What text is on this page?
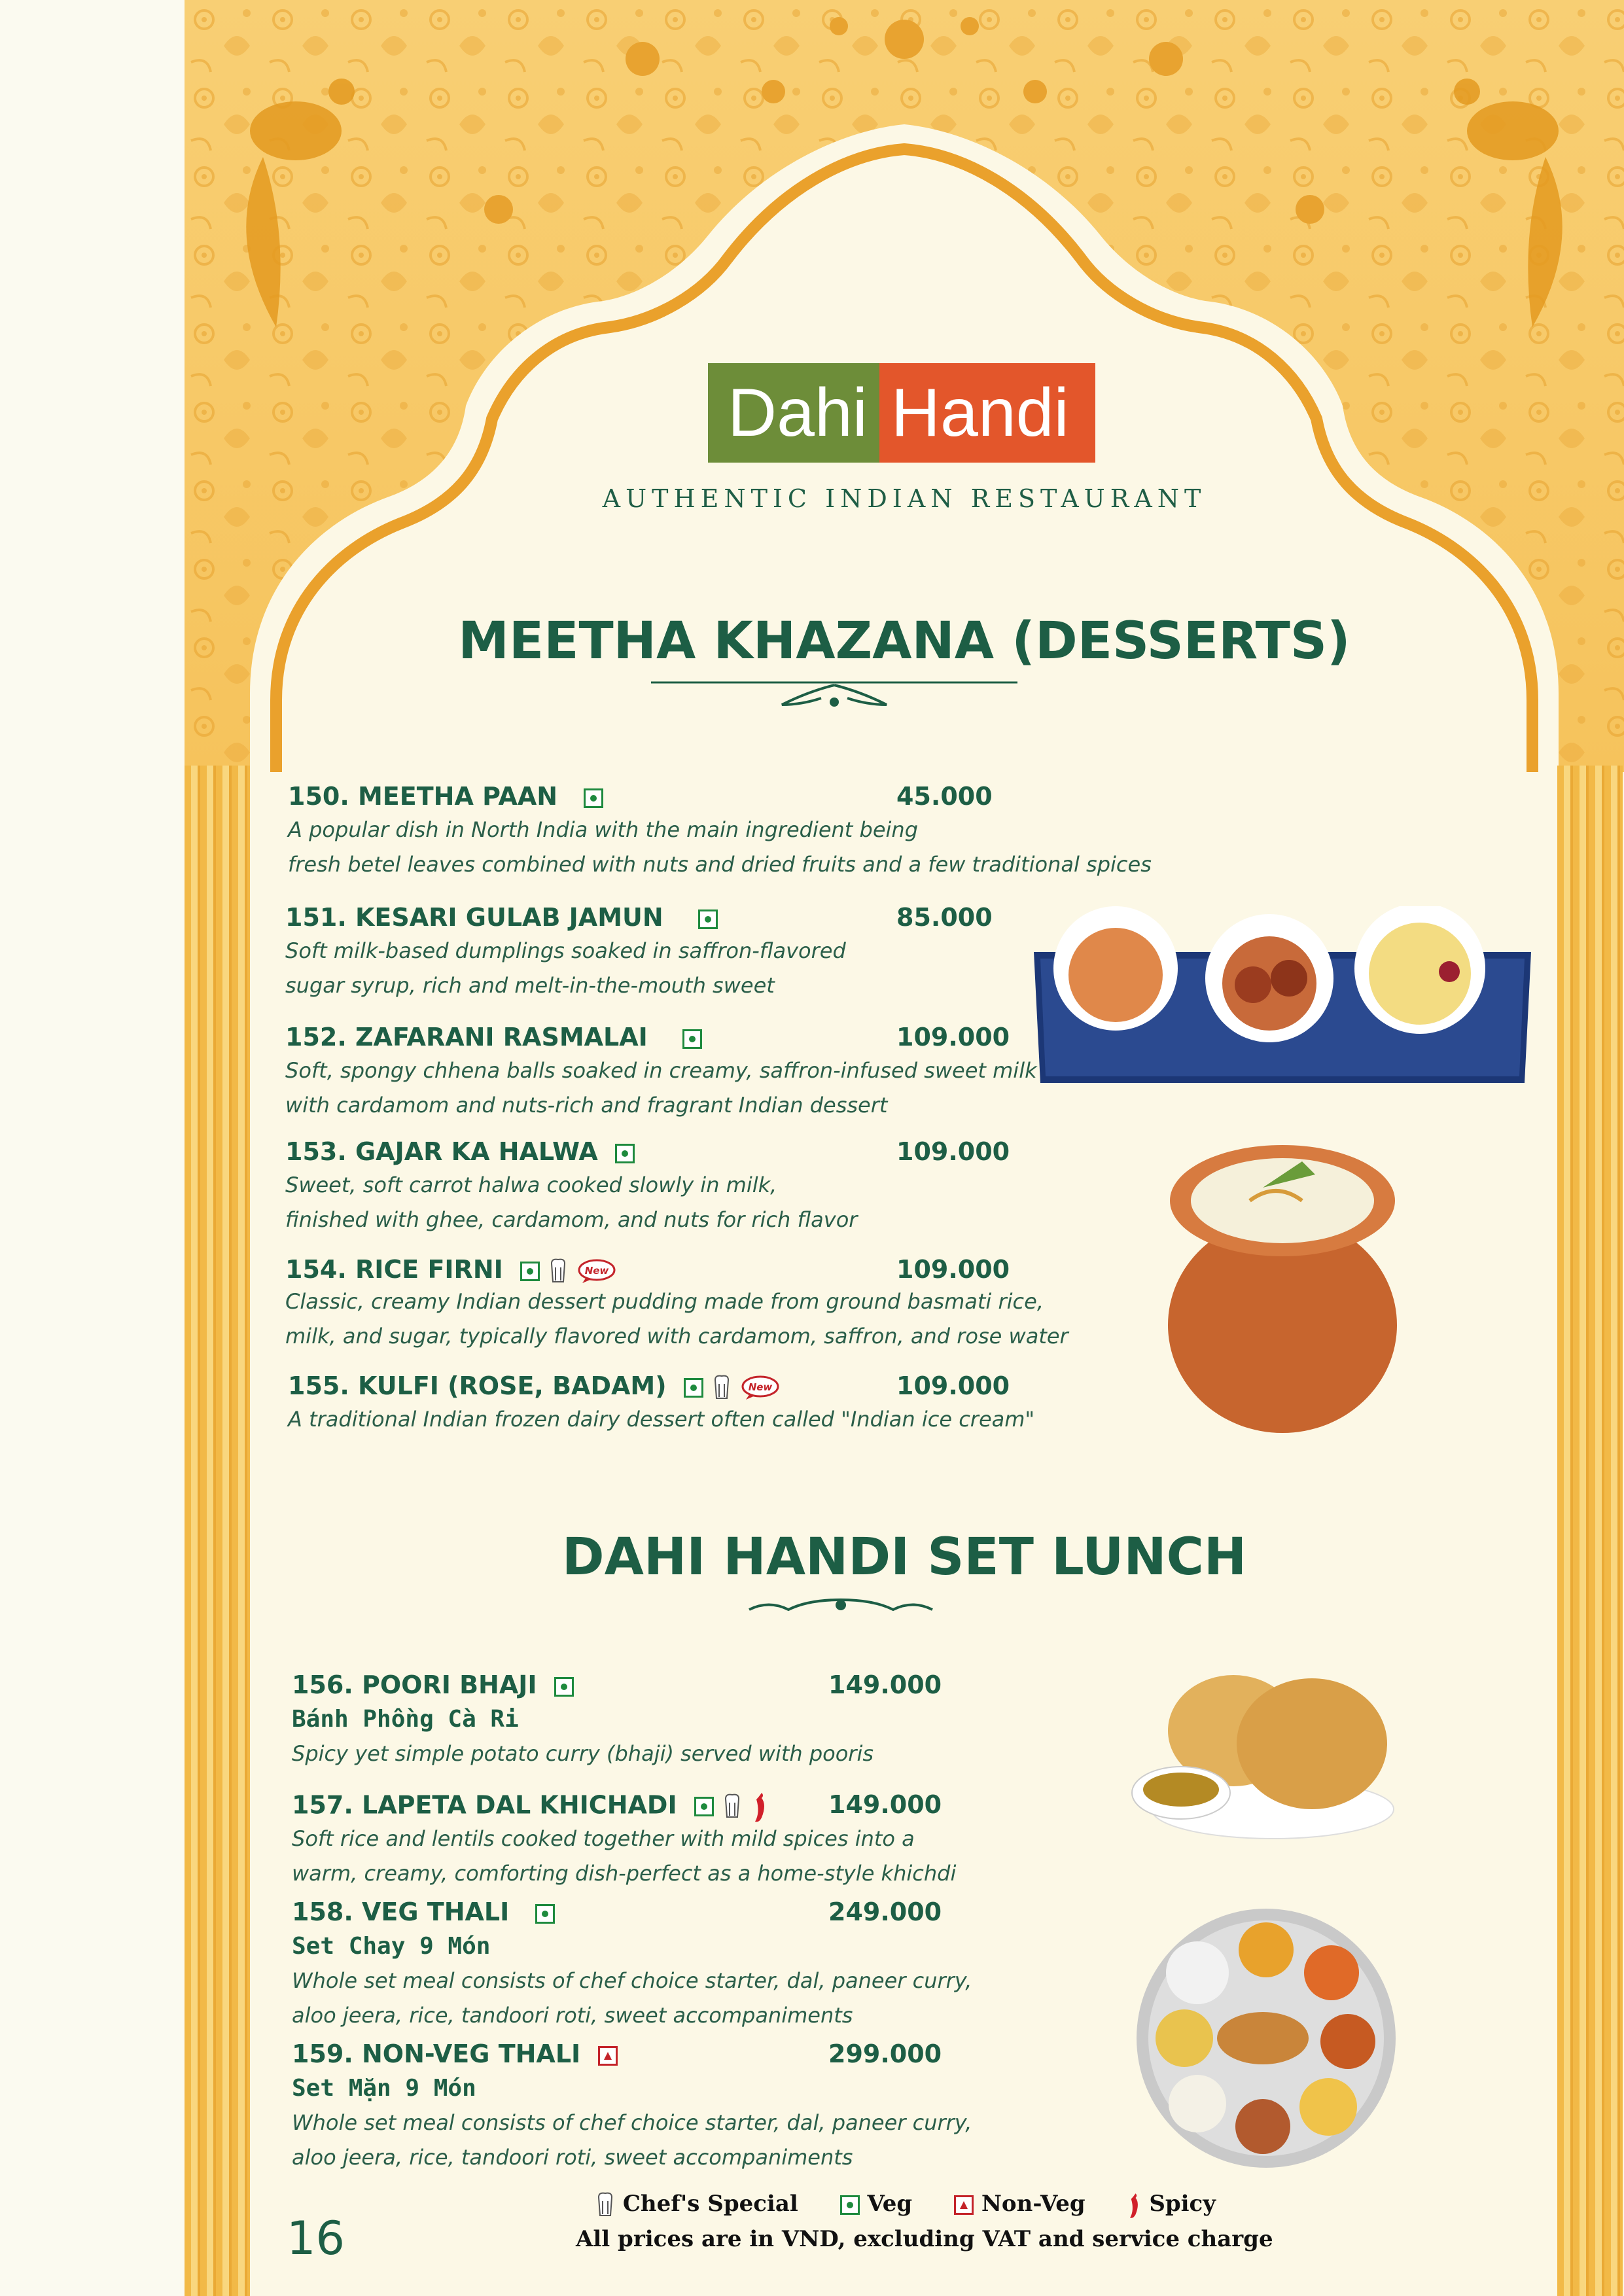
Dahi Handi
AUTHENTIC INDIAN RESTAURANT
MEETHA KHAZANA (DESSERTS)
150. MEETHA PAAN	45.000
A popular dish in North India with the main ingredient being
fresh betel leaves combined with nuts and dried fruits and a few traditional spices
151. KESARI GULAB JAMUN	85.000
Soft milk-based dumplings soaked in saffron-flavored
sugar syrup, rich and melt-in-the-mouth sweet
152. ZAFARANI RASMALAI	109.000
Soft, spongy chhena balls soaked in creamy, saffron-infused sweet milk
with cardamom and nuts-rich and fragrant Indian dessert
153. GAJAR KA HALWA	109.000
Sweet, soft carrot halwa cooked slowly in milk,
finished with ghee, cardamom, and nuts for rich flavor
154. RICE FIRNI	New	109.000
Classic, creamy Indian dessert pudding made from ground basmati rice,
milk, and sugar, typically flavored with cardamom, saffron, and rose water
155. KULFI (ROSE, BADAM)	New	109.000
A traditional Indian frozen dairy dessert often called "Indian ice cream"
DAHI HANDI SET LUNCH
156. POORI BHAJI	149.000
Bánh Phồng Cà Ri
Spicy yet simple potato curry (bhaji) served with pooris
157. LAPETA DAL KHICHADI	149.000
Soft rice and lentils cooked together with mild spices into a
warm, creamy, comforting dish-perfect as a home-style khichdi
158. VEG THALI	249.000
Set Chay 9 Món
Whole set meal consists of chef choice starter, dal, paneer curry,
aloo jeera, rice, tandoori roti, sweet accompaniments
159. NON-VEG THALI	299.000
Set Mặn 9 Món
Whole set meal consists of chef choice starter, dal, paneer curry,
aloo jeera, rice, tandoori roti, sweet accompaniments
16
Chef's Special	Veg	Non-Veg	Spicy
All prices are in VND, excluding VAT and service charge
